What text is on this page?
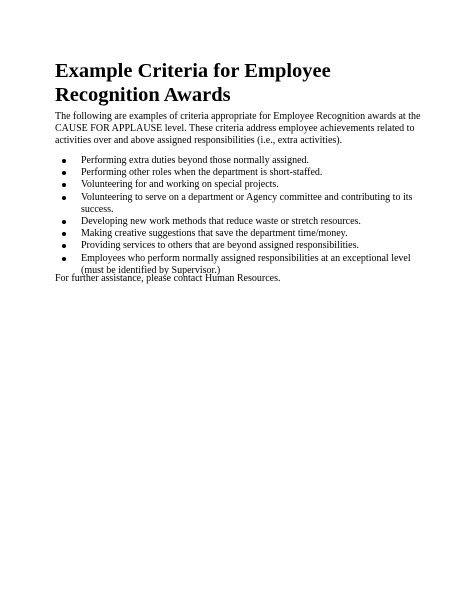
Example Criteria for Employee Recognition Awards

The following are examples of criteria appropriate for Employee Recognition awards at the CAUSE FOR APPLAUSE level. These criteria address employee achievements related to activities over and above assigned responsibilities (i.e., extra activities).

Performing extra duties beyond those normally assigned.
Performing other roles when the department is short-staffed.
Volunteering for and working on special projects.
Volunteering to serve on a department or Agency committee and contributing to its success.
Developing new work methods that reduce waste or stretch resources.
Making creative suggestions that save the department time/money.
Providing services to others that are beyond assigned responsibilities.
Employees who perform normally assigned responsibilities at an exceptional level (must be identified by Supervisor.)

For further assistance, please contact Human Resources.
